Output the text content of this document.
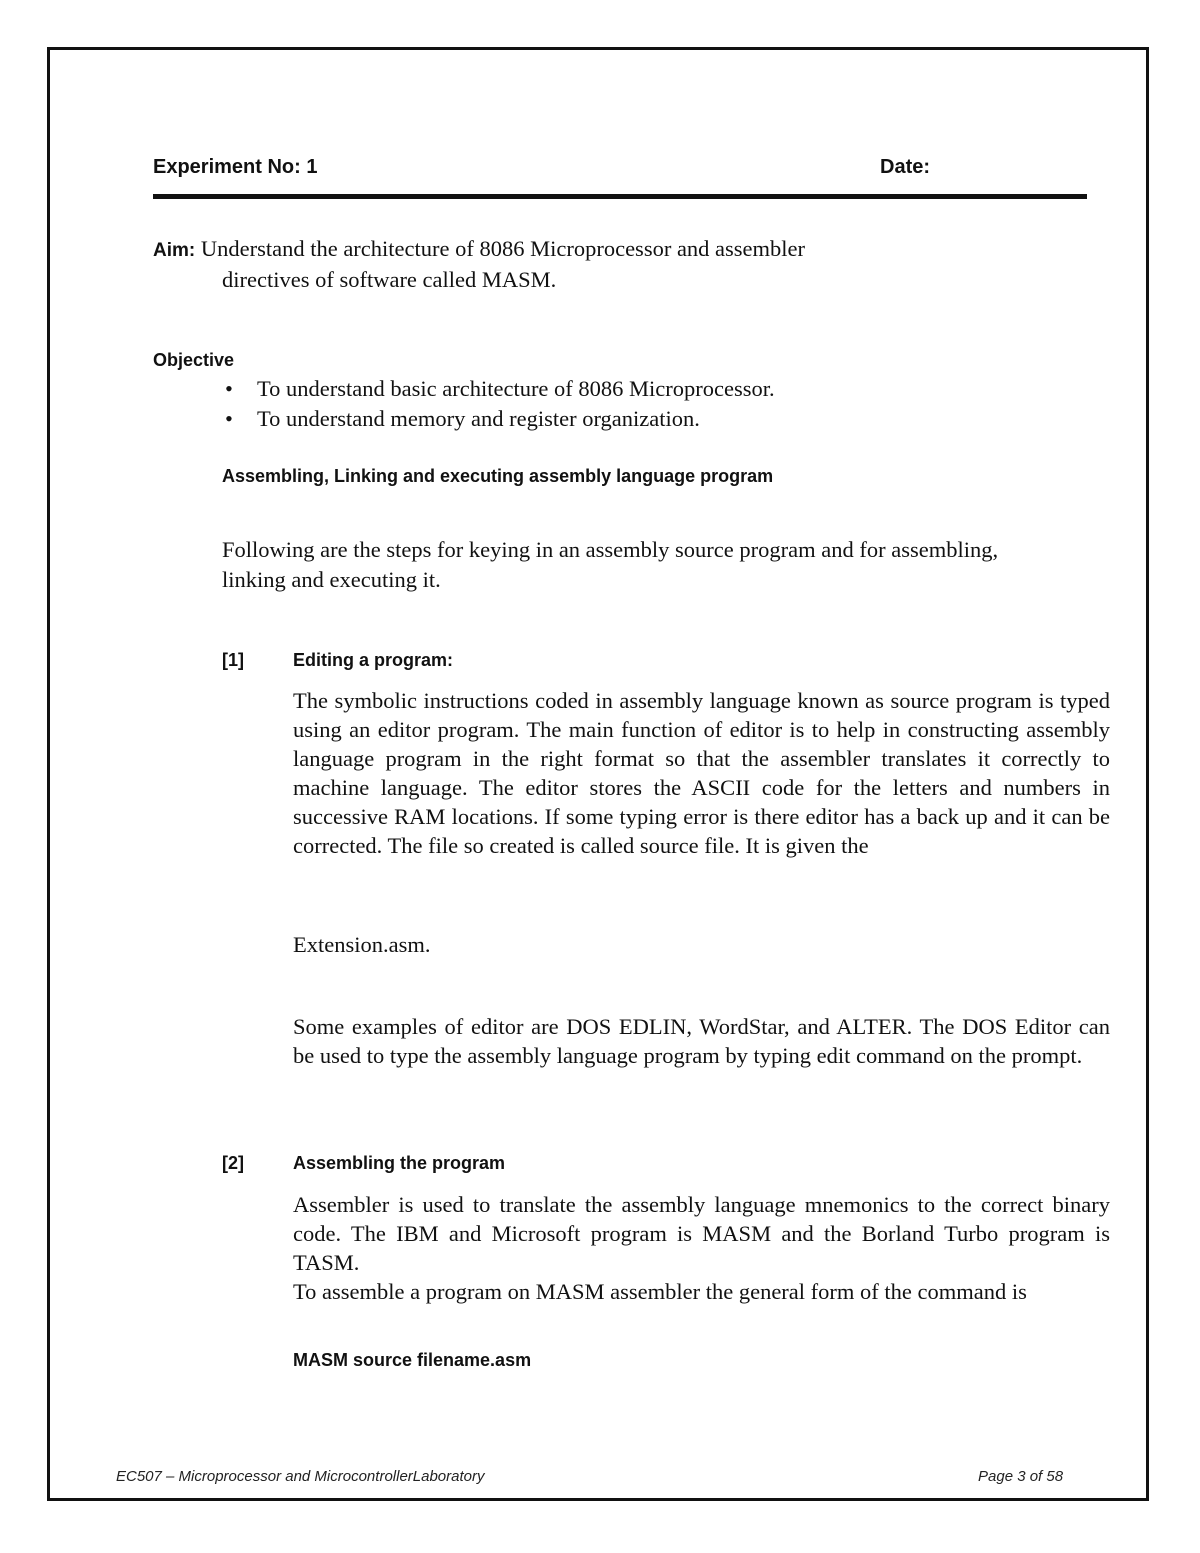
Experiment No: 1	Date:
Aim: Understand the architecture of 8086 Microprocessor and assembler
directives of software called MASM.
Objective
• To understand basic architecture of 8086 Microprocessor.
• To understand memory and register organization.
Assembling, Linking and executing assembly language program
Following are the steps for keying in an assembly source program and for assembling, linking and executing it.
[1]	Editing a program:
The symbolic instructions coded in assembly language known as source program is typed using an editor program. The main function of editor is to help in constructing assembly language program in the right format so that the assembler translates it correctly to machine language. The editor stores the ASCII code for the letters and numbers in successive RAM locations. If some typing error is there editor has a back up and it can be corrected. The file so created is called source file. It is given the
Extension.asm.
Some examples of editor are DOS EDLIN, WordStar, and ALTER. The DOS Editor can be used to type the assembly language program by typing edit command on the prompt.
[2]	Assembling the program
Assembler is used to translate the assembly language mnemonics to the correct binary code. The IBM and Microsoft program is MASM and the Borland Turbo program is TASM.
To assemble a program on MASM assembler the general form of the command is
MASM source filename.asm
EC507 – Microprocessor and MicrocontrollerLaboratory	Page 3 of 58
